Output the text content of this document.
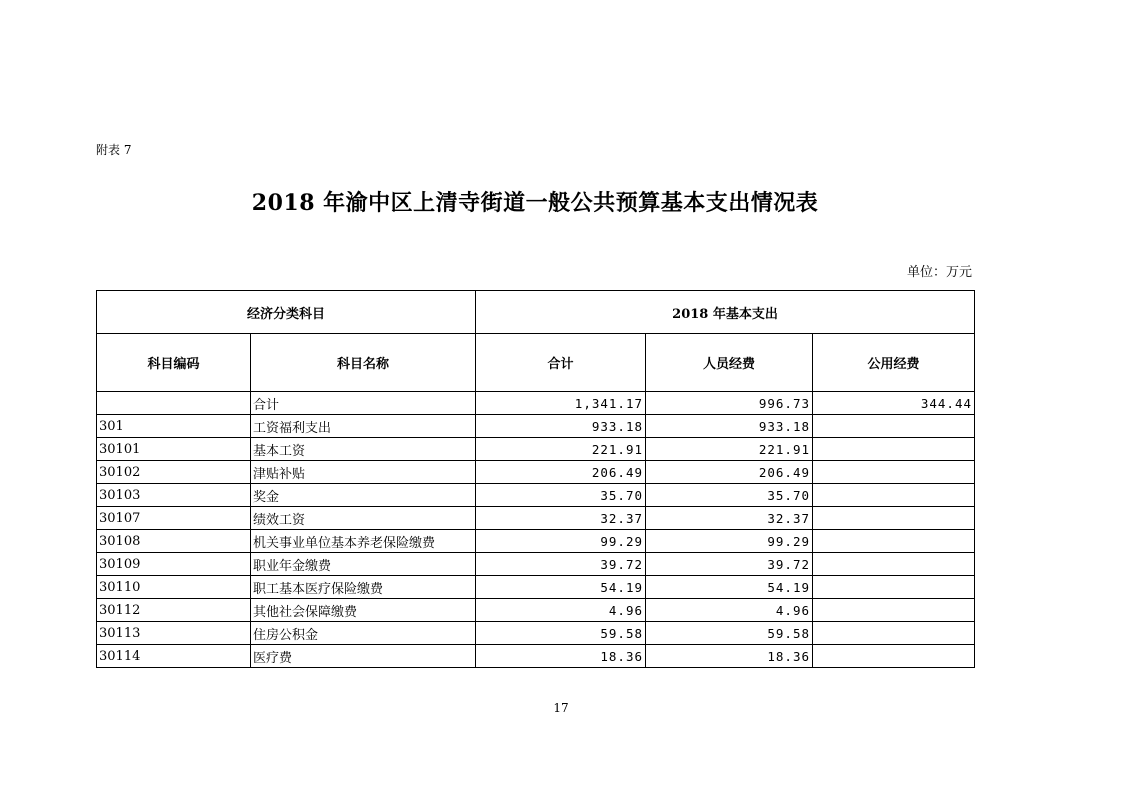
附表 7
2018 年渝中区上清寺街道一般公共预算基本支出情况表
单位：万元
经济分类科目		2018 年基本支出		
科目编码	科目名称	合计	人员经费	公用经费
	合计	1,341.17	996.73	344.44
301	工资福利支出	933.18	933.18	
30101	基本工资	221.91	221.91	
30102	津贴补贴	206.49	206.49	
30103	奖金	35.70	35.70	
30107	绩效工资	32.37	32.37	
30108	机关事业单位基本养老保险缴费	99.29	99.29	
30109	职业年金缴费	39.72	39.72	
30110	职工基本医疗保险缴费	54.19	54.19	
30112	其他社会保障缴费	4.96	4.96	
30113	住房公积金	59.58	59.58	
30114	医疗费	18.36	18.36	
17
